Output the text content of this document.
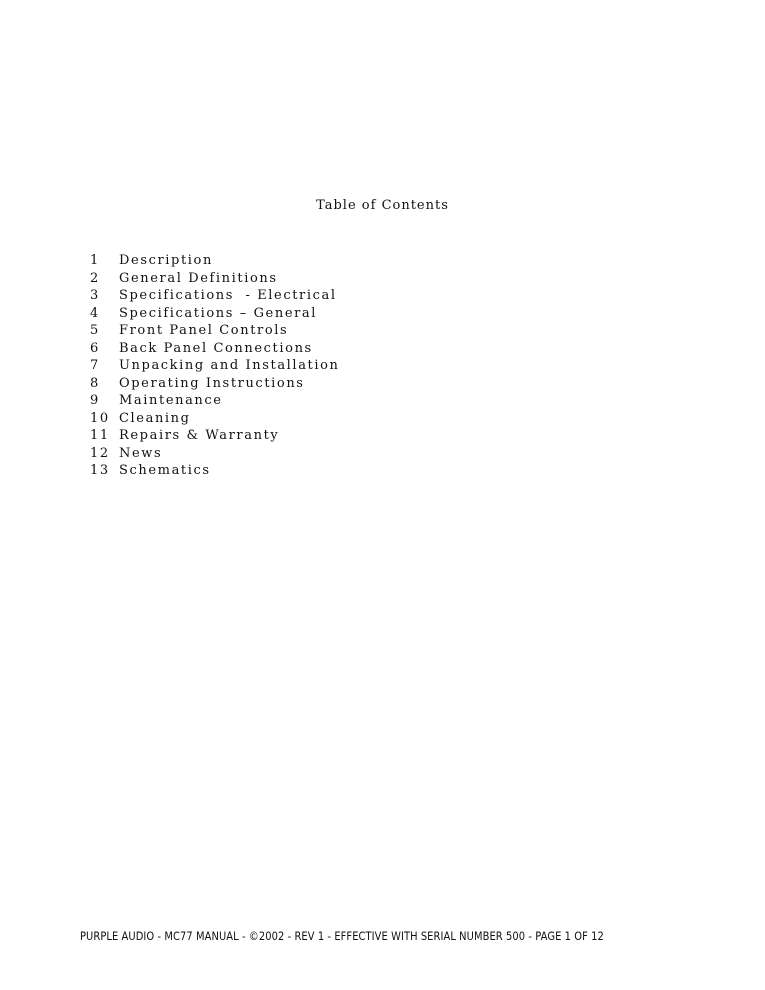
Table of Contents
1	Description
2	General Definitions
3	Specifications  - Electrical
4	Specifications – General
5	Front Panel Controls
6	Back Panel Connections
7	Unpacking and Installation
8	Operating Instructions
9	Maintenance
10 Cleaning
11 Repairs & Warranty
12 News
13 Schematics
PURPLE AUDIO - MC77 MANUAL - ©2002 - REV 1 - EFFECTIVE WITH SERIAL NUMBER 500 - PAGE 1 OF 12
